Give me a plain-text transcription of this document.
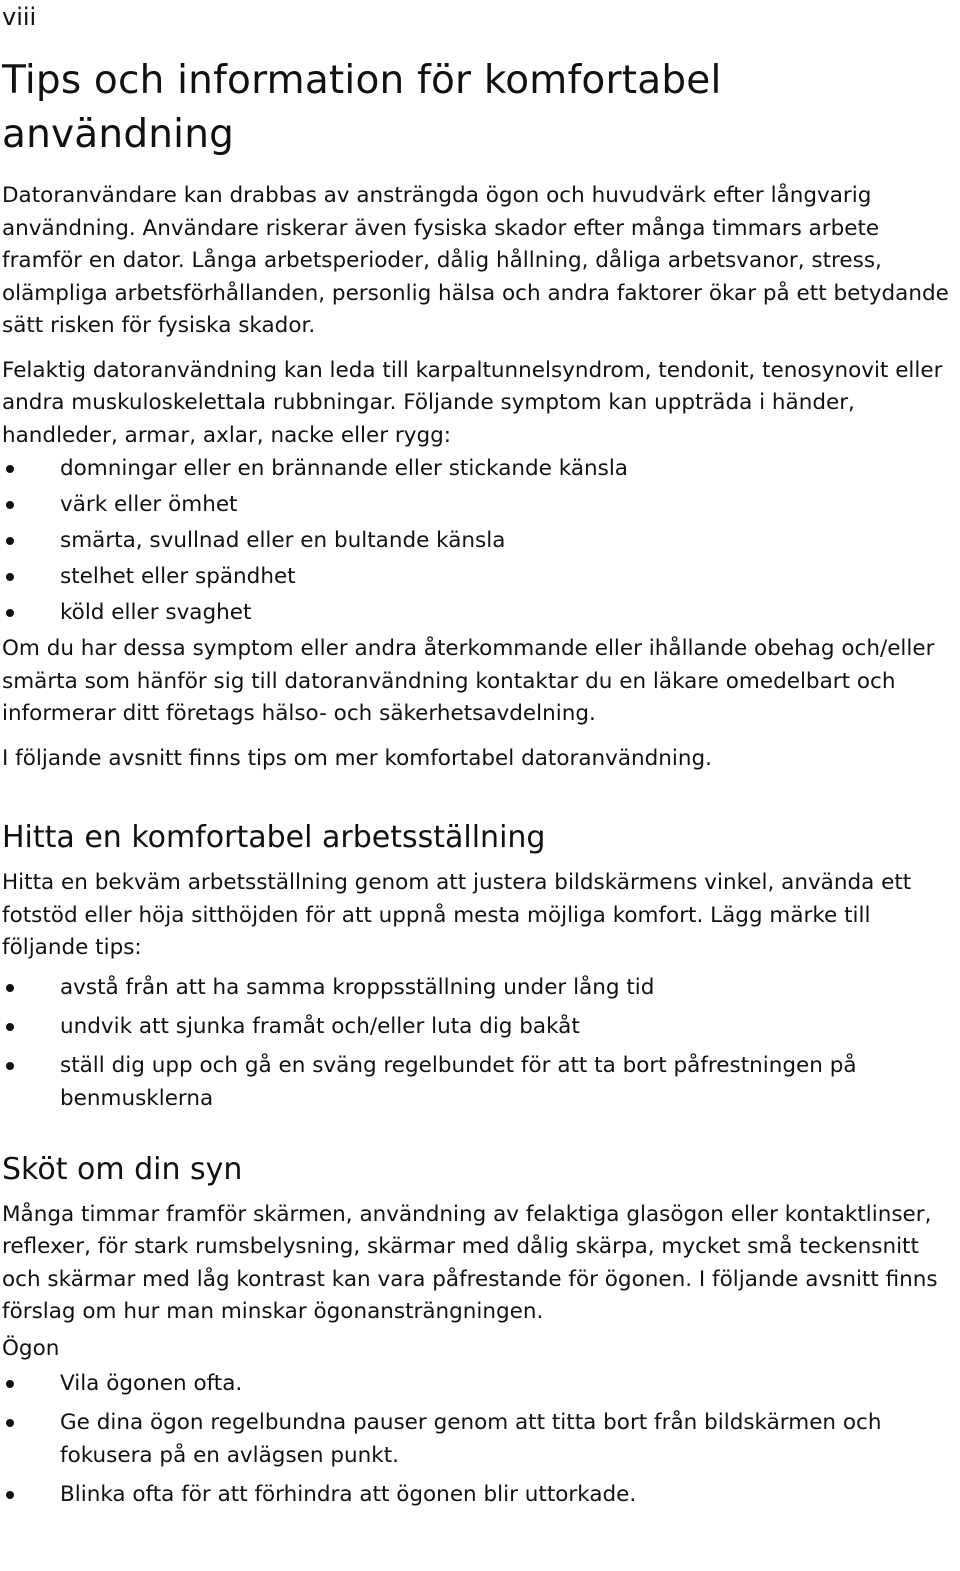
viii
Tips och information för komfortabel användning

Datoranvändare kan drabbas av ansträngda ögon och huvudvärk efter långvarig användning. Användare riskerar även fysiska skador efter många timmars arbete framför en dator. Långa arbetsperioder, dålig hållning, dåliga arbetsvanor, stress, olämpliga arbetsförhållanden, personlig hälsa och andra faktorer ökar på ett betydande sätt risken för fysiska skador.

Felaktig datoranvändning kan leda till karpaltunnelsyndrom, tendonit, tenosynovit eller andra muskuloskelettala rubbningar. Följande symptom kan uppträda i händer, handleder, armar, axlar, nacke eller rygg:

domningar eller en brännande eller stickande känsla
värk eller ömhet
smärta, svullnad eller en bultande känsla
stelhet eller spändhet
köld eller svaghet

Om du har dessa symptom eller andra återkommande eller ihållande obehag och/eller smärta som hänför sig till datoranvändning kontaktar du en läkare omedelbart och informerar ditt företags hälso- och säkerhetsavdelning.

I följande avsnitt finns tips om mer komfortabel datoranvändning.

Hitta en komfortabel arbetsställning

Hitta en bekväm arbetsställning genom att justera bildskärmens vinkel, använda ett fotstöd eller höja sitthöjden för att uppnå mesta möjliga komfort. Lägg märke till följande tips:

avstå från att ha samma kroppsställning under lång tid
undvik att sjunka framåt och/eller luta dig bakåt
ställ dig upp och gå en sväng regelbundet för att ta bort påfrestningen på benmusklerna
Sköt om din syn

Många timmar framför skärmen, användning av felaktiga glasögon eller kontaktlinser, reflexer, för stark rumsbelysning, skärmar med dålig skärpa, mycket små teckensnitt och skärmar med låg kontrast kan vara påfrestande för ögonen. I följande avsnitt finns förslag om hur man minskar ögonansträngningen.

Ögon

Vila ögonen ofta.
Ge dina ögon regelbundna pauser genom att titta bort från bildskärmen och fokusera på en avlägsen punkt.
Blinka ofta för att förhindra att ögonen blir uttorkade.
